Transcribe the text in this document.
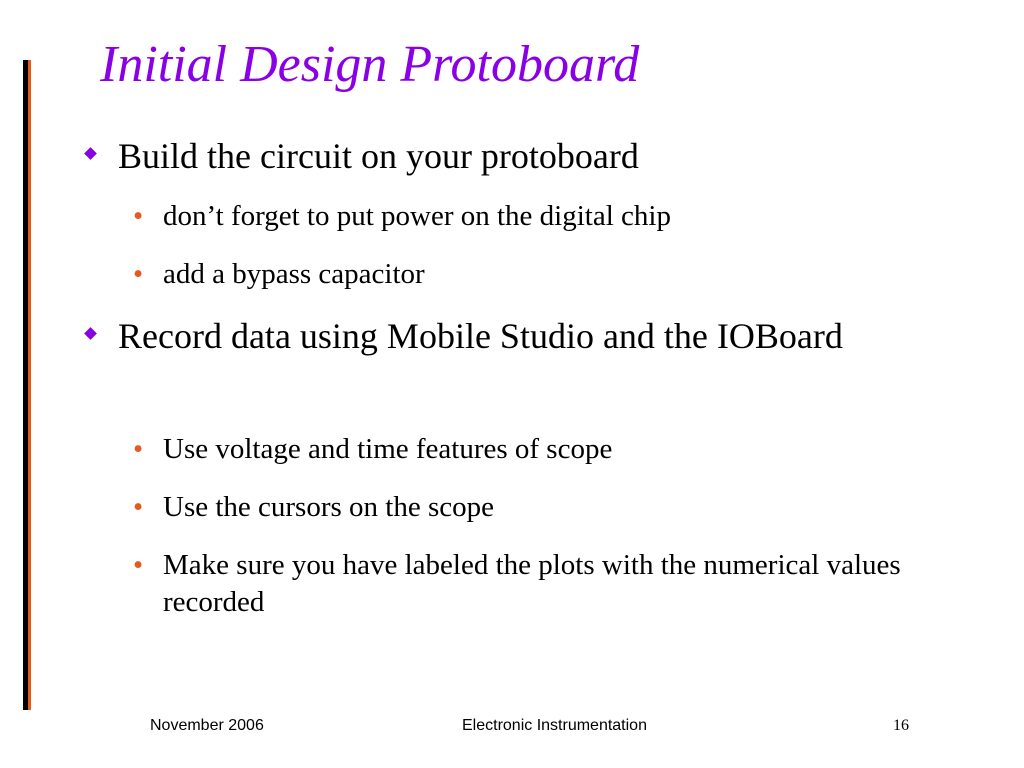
Initial Design Protoboard
Build the circuit on your protoboard
• don’t forget to put power on the digital chip
• add a bypass capacitor
Record data using Mobile Studio and the IOBoard
• Use voltage and time features of scope
• Use the cursors on the scope
• Make sure you have labeled the plots with the numerical values recorded
November 2006	Electronic Instrumentation	16
